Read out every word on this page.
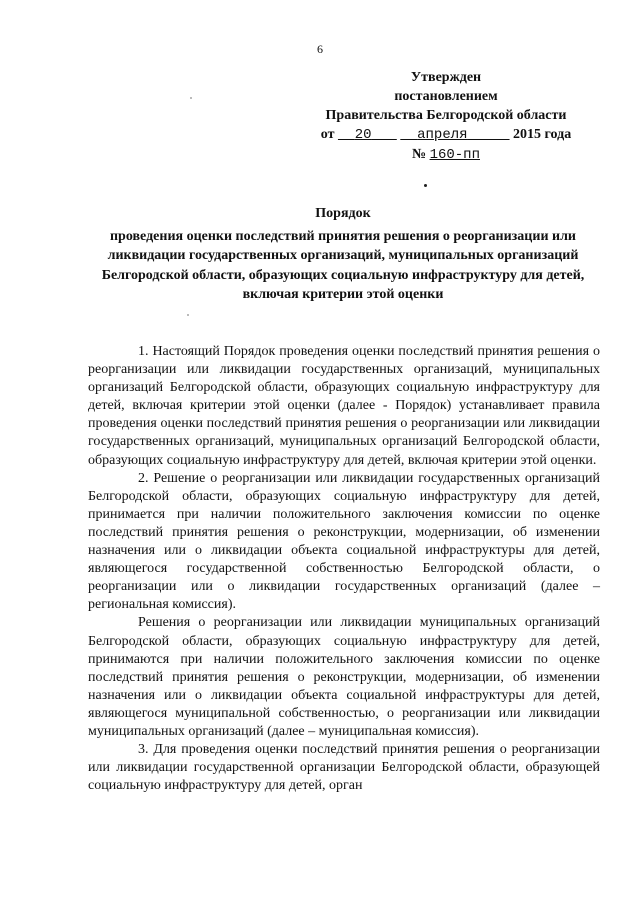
6
Утвержден
постановлением
Правительства Белгородской области
от 20	апреля	2015 года
№ 160-пп
Порядок
проведения оценки последствий принятия решения о реорганизации или ликвидации государственных организаций, муниципальных организаций Белгородской области, образующих социальную инфраструктуру для детей, включая критерии этой оценки

1. Настоящий Порядок проведения оценки последствий принятия решения о реорганизации или ликвидации государственных организаций, муниципальных организаций Белгородской области, образующих социальную инфраструктуру для детей, включая критерии этой оценки (далее - Порядок) устанавливает правила проведения оценки последствий принятия решения о реорганизации или ликвидации государственных организаций, муниципальных организаций Белгородской области, образующих социальную инфраструктуру для детей, включая критерии этой оценки.

2. Решение о реорганизации или ликвидации государственных организаций Белгородской области, образующих социальную инфраструктуру для детей, принимается при наличии положительного заключения комиссии по оценке последствий принятия решения о реконструкции, модернизации, об изменении назначения или о ликвидации объекта социальной инфраструктуры для детей, являющегося государственной собственностью Белгородской области, о реорганизации или о ликвидации государственных организаций (далее – региональная комиссия).

Решения о реорганизации или ликвидации муниципальных организаций Белгородской области, образующих социальную инфраструктуру для детей, принимаются при наличии положительного заключения комиссии по оценке последствий принятия решения о реконструкции, модернизации, об изменении назначения или о ликвидации объекта социальной инфраструктуры для детей, являющегося муниципальной собственностью, о реорганизации или ликвидации муниципальных организаций (далее – муниципальная комиссия).

3. Для проведения оценки последствий принятия решения о реорганизации или ликвидации государственной организации Белгородской области, образующей социальную инфраструктуру для детей, орган
